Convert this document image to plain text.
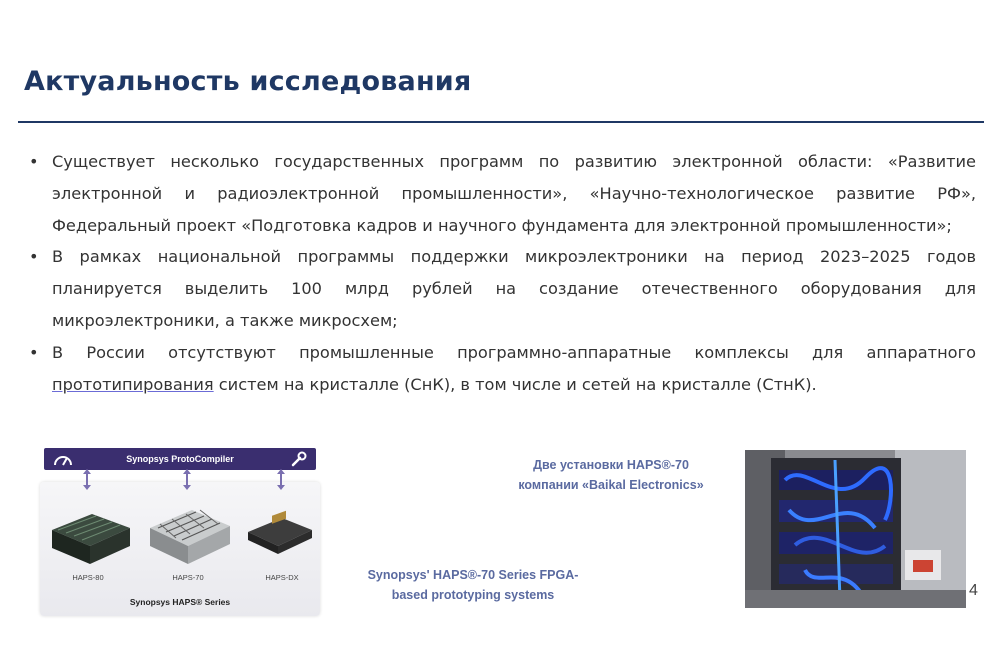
Актуальность исследования
• Существует несколько государственных программ по развитию электронной области: «Развитие электронной и радиоэлектронной промышленности», «Научно-технологическое развитие РФ», Федеральный проект «Подготовка кадров и научного фундамента для электронной промышленности»;
• В рамках национальной программы поддержки микроэлектроники на период 2023–2025 годов планируется выделить 100 млрд рублей на создание отечественного оборудования для микроэлектроники, а также микросхем;
• В России отсутствуют промышленные программно-аппаратные комплексы для аппаратного прототипирования систем на кристалле (СнК), в том числе и сетей на кристалле (СтнК).
Synopsys ProtoCompiler
HAPS-80	HAPS-70	HAPS-DX
Synopsys HAPS® Series
Две установки HAPS®-70
компании «Baikal Electronics»
Synopsys' HAPS®-70 Series FPGA-
based prototyping systems	4
